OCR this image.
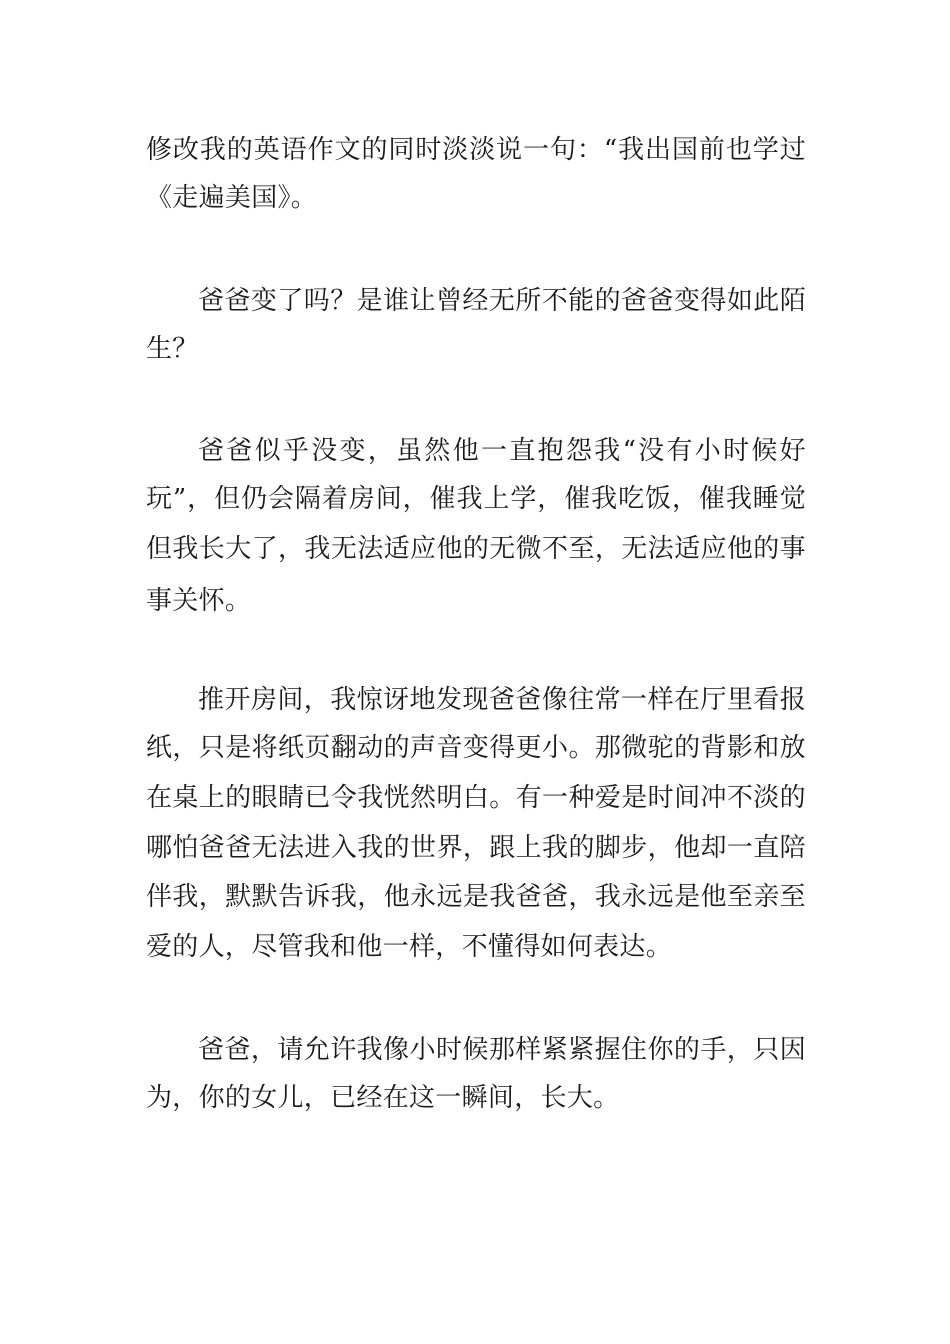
修改我的英语作文的同时淡淡说一句：“我出国前也学过
《走遍美国》。
爸爸变了吗？是谁让曾经无所不能的爸爸变得如此陌
生？
爸爸似乎没变，虽然他一直抱怨我“没有小时候好
玩”，但仍会隔着房间，催我上学，催我吃饭，催我睡觉
但我长大了，我无法适应他的无微不至，无法适应他的事
事关怀。
推开房间，我惊讶地发现爸爸像往常一样在厅里看报
纸，只是将纸页翻动的声音变得更小。那微驼的背影和放
在桌上的眼睛已令我恍然明白。有一种爱是时间冲不淡的
哪怕爸爸无法进入我的世界，跟上我的脚步，他却一直陪
伴我，默默告诉我，他永远是我爸爸，我永远是他至亲至
爱的人，尽管我和他一样，不懂得如何表达。
爸爸，请允许我像小时候那样紧紧握住你的手，只因
为，你的女儿，已经在这一瞬间，长大。
